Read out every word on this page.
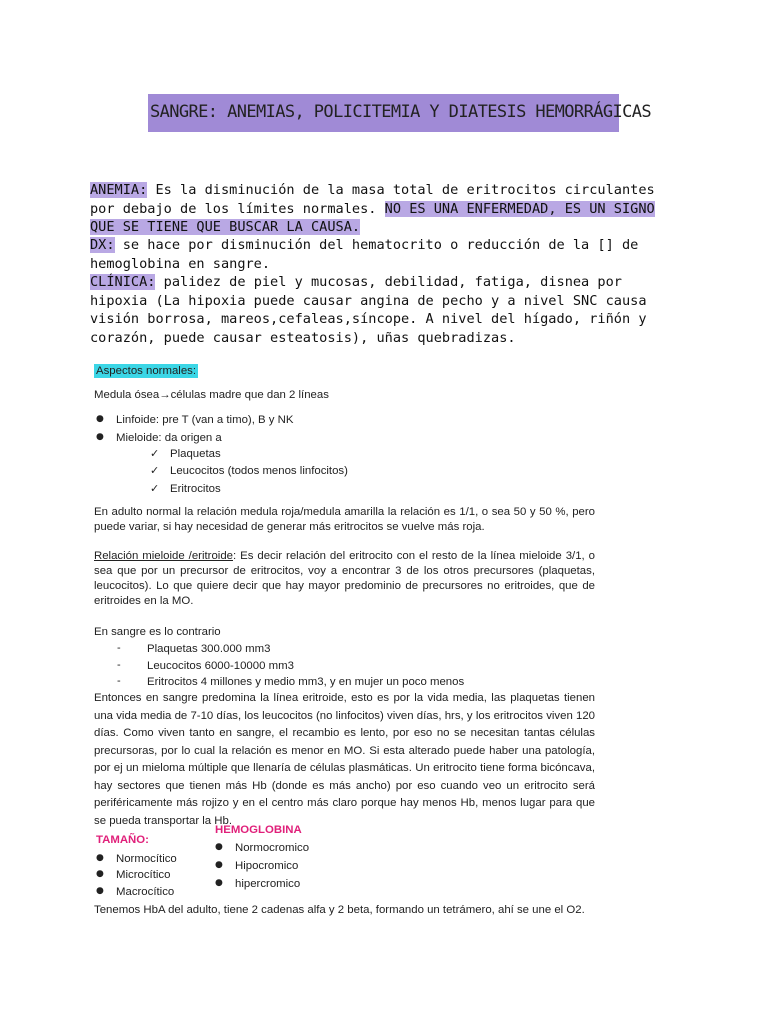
SANGRE: ANEMIAS, POLICITEMIA Y DIATESIS HEMORRÁGICAS
ANEMIA: Es la disminución de la masa total de eritrocitos circulantes
por debajo de los límites normales. NO ES UNA ENFERMEDAD, ES UN SIGNO
QUE SE TIENE QUE BUSCAR LA CAUSA.
DX: se hace por disminución del hematocrito o reducción de la [] de
hemoglobina en sangre.
CLÍNICA: palidez de piel y mucosas, debilidad, fatiga, disnea por
hipoxia (La hipoxia puede causar angina de pecho y a nivel SNC causa
visión borrosa, mareos,cefaleas,síncope. A nivel del hígado, riñón y
corazón, puede causar esteatosis), uñas quebradizas.
Aspectos normales:
Medula ósea→células madre que dan 2 líneas
● Linfoide: pre T (van a timo), B y NK
● Mieloide: da origen a
✓ Plaquetas
✓ Leucocitos (todos menos linfocitos)
✓ Eritrocitos
En adulto normal la relación medula roja/medula amarilla la relación es 1/1, o sea 50 y 50 %, pero puede variar, si hay necesidad de generar más eritrocitos se vuelve más roja.
Relación mieloide /eritroide: Es decir relación del eritrocito con el resto de la línea mieloide 3/1, o sea que por un precursor de eritrocitos, voy a encontrar 3 de los otros precursores (plaquetas, leucocitos). Lo que quiere decir que hay mayor predominio de precursores no eritroides, que de eritroides en la MO.
En sangre es lo contrario
- Plaquetas 300.000 mm3
- Leucocitos 6000-10000 mm3
- Eritrocitos 4 millones y medio mm3, y en mujer un poco menos
Entonces en sangre predomina la línea eritroide, esto es por la vida media, las plaquetas tienen una vida media de 7-10 días, los leucocitos (no linfocitos) viven días, hrs, y los eritrocitos viven 120 días. Como viven tanto en sangre, el recambio es lento, por eso no se necesitan tantas células precursoras, por lo cual la relación es menor en MO. Si esta alterado puede haber una patología, por ej un mieloma múltiple que llenaría de células plasmáticas. Un eritrocito tiene forma bicóncava, hay sectores que tienen más Hb (donde es más ancho) por eso cuando veo un eritrocito será periféricamente más rojizo y en el centro más claro porque hay menos Hb, menos lugar para que se pueda transportar la Hb.
TAMAÑO:
● Normocítico
● Microcítico
● Macrocítico
HEMOGLOBINA
● Normocromico
● Hipocromico
● hipercromico
Tenemos HbA del adulto, tiene 2 cadenas alfa y 2 beta, formando un tetrámero, ahí se une el O2.
